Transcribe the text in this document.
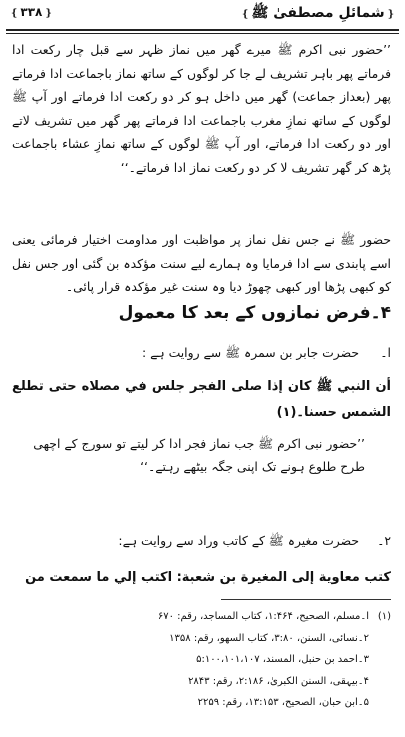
❴شمائلِ مصطفیٰ ﷺ❵
❴۳۳۸❵
’’حضور نبی اکرم ﷺ میرے گھر میں نماز ظہر سے قبل چار رکعت ادا فرماتے پھر باہر تشریف لے جا کر لوگوں کے ساتھ نماز باجماعت ادا فرماتے پھر (بعداز جماعت) گھر میں داخل ہو کر دو رکعت ادا فرماتے اور آپ ﷺ لوگوں کے ساتھ نمازِ مغرب باجماعت ادا فرماتے پھر گھر میں تشریف لاتے اور دو رکعت ادا فرماتے، اور آپ ﷺ لوگوں کے ساتھ نمازِ عشاء باجماعت پڑھ کر گھر تشریف لا کر دو رکعت نماز ادا فرماتے۔‘‘
حضور ﷺ نے جس نفل نماز پر مواظبت اور مداومت اختیار فرمائی یعنی اسے پابندی سے ادا فرمایا وہ ہمارے لیے سنت مؤکدہ بن گئی اور جس نفل کو کبھی پڑھا اور کبھی چھوڑ دیا وہ سنت غیر مؤکدہ قرار پائی۔
۴۔فرض نمازوں کے بعد کا معمول
ا۔حضرت جابر بن سمرہ ﷺ سے روایت ہے :
أن النبي ﷺ كان إذا صلى الفجر جلس في مصلاه حتى تطلع الشمس حسنا۔(۱)
’’حضور نبی اکرم ﷺ جب نماز فجر ادا کر لیتے تو سورج کے اچھی طرح طلوع ہونے تک اپنی جگہ بیٹھے رہتے۔‘‘
۲۔حضرت مغیرہ ﷺ کے کاتب وراد سے روایت ہے:
كتب معاوية إلى المغيرة بن شعبة: اكتب إلي ما سمعت من
(۱)ا۔مسلم، الصحیح، ۱:۴۶۴، کتاب المساجد، رقم: ۶۷۰
۲۔نسائی، السنن، ۳:۸۰، کتاب السھو، رقم: ۱۳۵۸
۳۔احمد بن حنبل، المسند، ۵:۱۰۰،۱۰۱،۱۰۷
۴۔بیہقی، السنن الکبریٰ، ۲:۱۸۶، رقم: ۲۸۴۳
۵۔ابن حبان، الصحیح، ۱۳:۱۵۳، رقم: ۲۲۵۹
